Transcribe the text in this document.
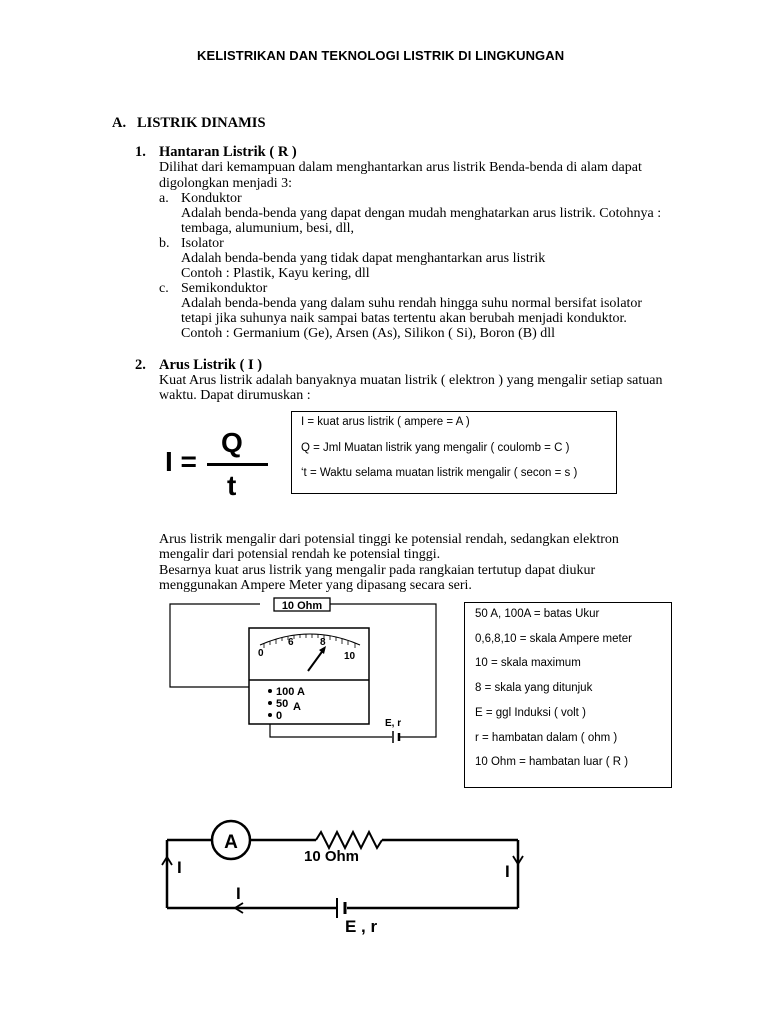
KELISTRIKAN DAN TEKNOLOGI LISTRIK DI LINGKUNGAN
A. LISTRIK DINAMIS
1. Hantaran Listrik ( R )
Dilihat dari kemampuan dalam menghantarkan arus listrik Benda-benda di alam dapat
digolongkan menjadi 3:
a. Konduktor
Adalah benda-benda yang dapat dengan mudah menghatarkan arus listrik. Cotohnya :
tembaga, alumunium, besi, dll,
b. Isolator
Adalah benda-benda yang tidak dapat menghantarkan arus listrik
Contoh : Plastik, Kayu kering, dll
c. Semikonduktor
Adalah benda-benda yang dalam suhu rendah hingga suhu normal bersifat isolator
tetapi jika suhunya naik sampai batas tertentu akan berubah menjadi konduktor.
Contoh : Germanium (Ge), Arsen (As), Silikon ( Si), Boron (B) dll
2. Arus Listrik ( I )
Kuat Arus listrik adalah banyaknya muatan listrik ( elektron ) yang mengalir setiap satuan
waktu. Dapat dirumuskan :
I =
Q
t
I = kuat arus listrik ( ampere = A )
Q = Jml Muatan listrik yang mengalir ( coulomb = C )
‘t = Waktu selama muatan listrik mengalir ( secon = s )
Arus listrik mengalir dari potensial tinggi ke potensial rendah, sedangkan elektron
mengalir dari potensial rendah ke potensial tinggi.
Besarnya kuat arus listrik yang mengalir pada rangkaian tertutup dapat diukur
menggunakan Ampere Meter yang dipasang secara seri.
10 Ohm
0
6	8
10
100 A
50 A
0
E, r
50 A, 100A = batas Ukur
0,6,8,10 = skala Ampere meter
10 = skala maximum
8 = skala yang ditunjuk
E = ggl Induksi ( volt )
r = hambatan dalam ( ohm )
10 Ohm = hambatan luar ( R )
A
10 Ohm
I	I
I
E , r
